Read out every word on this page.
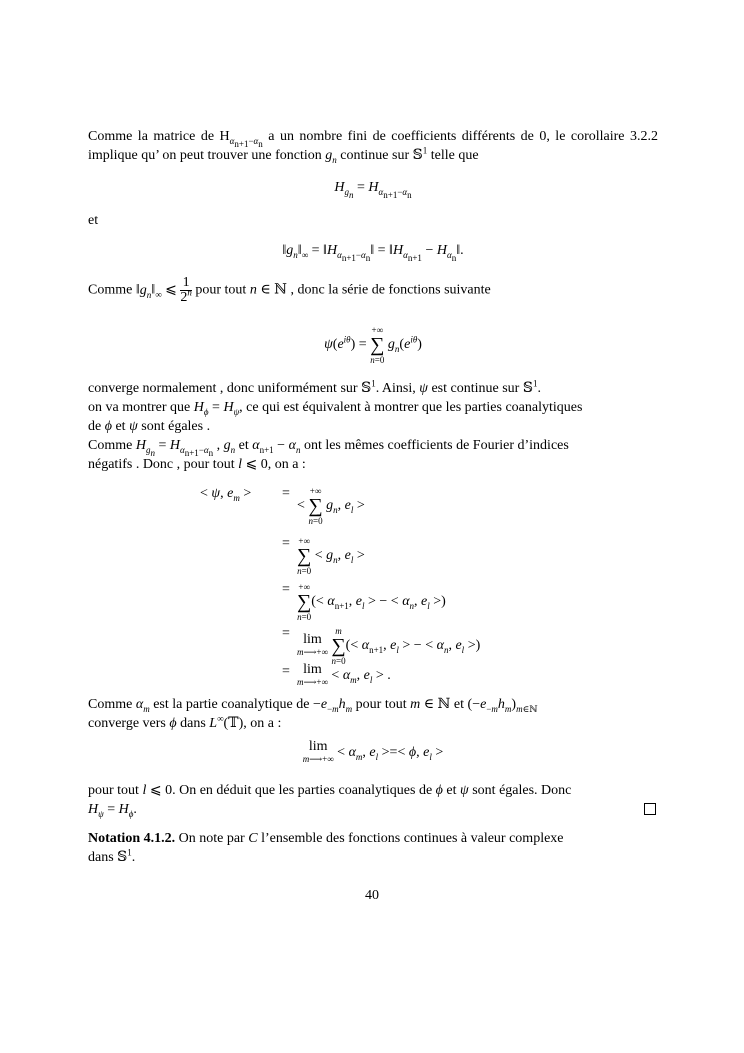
Comme la matrice de $H_{\alpha_{n+1}-\alpha_n}$ a un nombre fini de coefficients différents de 0, le corollaire 3.2.2 implique qu’ on peut trouver une fonction $g_n$ continue sur 𝕊$^1$ telle que
$H_{g_n} = H_{\alpha_{n+1}-\alpha_n}$
et
$‖g_n‖_\infty$ = $‖H_{\alpha_{n+1}-\alpha_n}‖$ = $‖H_{\alpha_{n+1}}$ − $H_{\alpha_n}‖$.
Comme $‖g_n‖_\infty$ ⩽ $\frac{1}{2^n}$ pour tout n ∈ ℕ , donc la série de fonctions suivante
$\psi(e^{i\theta})$ =
+∞
∑
n=0
$g_n(e^{i\theta})$
converge normalement , donc uniformément sur 𝕊$^1$. Ainsi, ψ est continue sur 𝕊$^1$.
on va montrer que $H_\phi = H_\psi$, ce qui est équivalent à montrer que les parties coanalytiques
de ϕ et ψ sont égales .
Comme $H_{g_n} = H_{\alpha_{n+1}-\alpha_n}$ , $g_n$ et $\alpha_{n+1} - \alpha_n$ ont les mêmes coefficients de Fourier d’indices
négatifs . Donc , pour tout l ⩽ 0, on a :
< ψ, $e_m$ > =
<
+∞
∑
n=0
$g_n$, $e_l$ >
= +∞
∑
n=0
< $g_n$, $e_l$ >
= +∞
∑
n=0
(< $\alpha_{n+1}$, $e_l$ > − < $\alpha_n$, $e_l$ >)
= lim
m⟶+∞

m
∑
n=0
(< $\alpha_{n+1}$, $e_l$ > − < $\alpha_n$, $e_l$ >)
= lim
m⟶+∞ < $\alpha_m$, $e_l$ > .
Comme $\alpha_m$ est la partie coanalytique de $-e_{-m}h_m$ pour tout m ∈ ℕ et $(-e_{-m}h_m)_{m\in ℕ}$
converge vers ϕ dans L∞(𝕋), on a :
lim
m⟶+∞ < $\alpha_m$, $e_l$ >=< ϕ, $e_l$ >
pour tout l ⩽ 0. On en déduit que les parties coanalytiques de ϕ et ψ sont égales. Donc
$H_\psi = H_\phi$.
Notation 4.1.2. On note par C l’ensemble des fonctions continues à valeur complexe
dans 𝕊$^1$.
40
